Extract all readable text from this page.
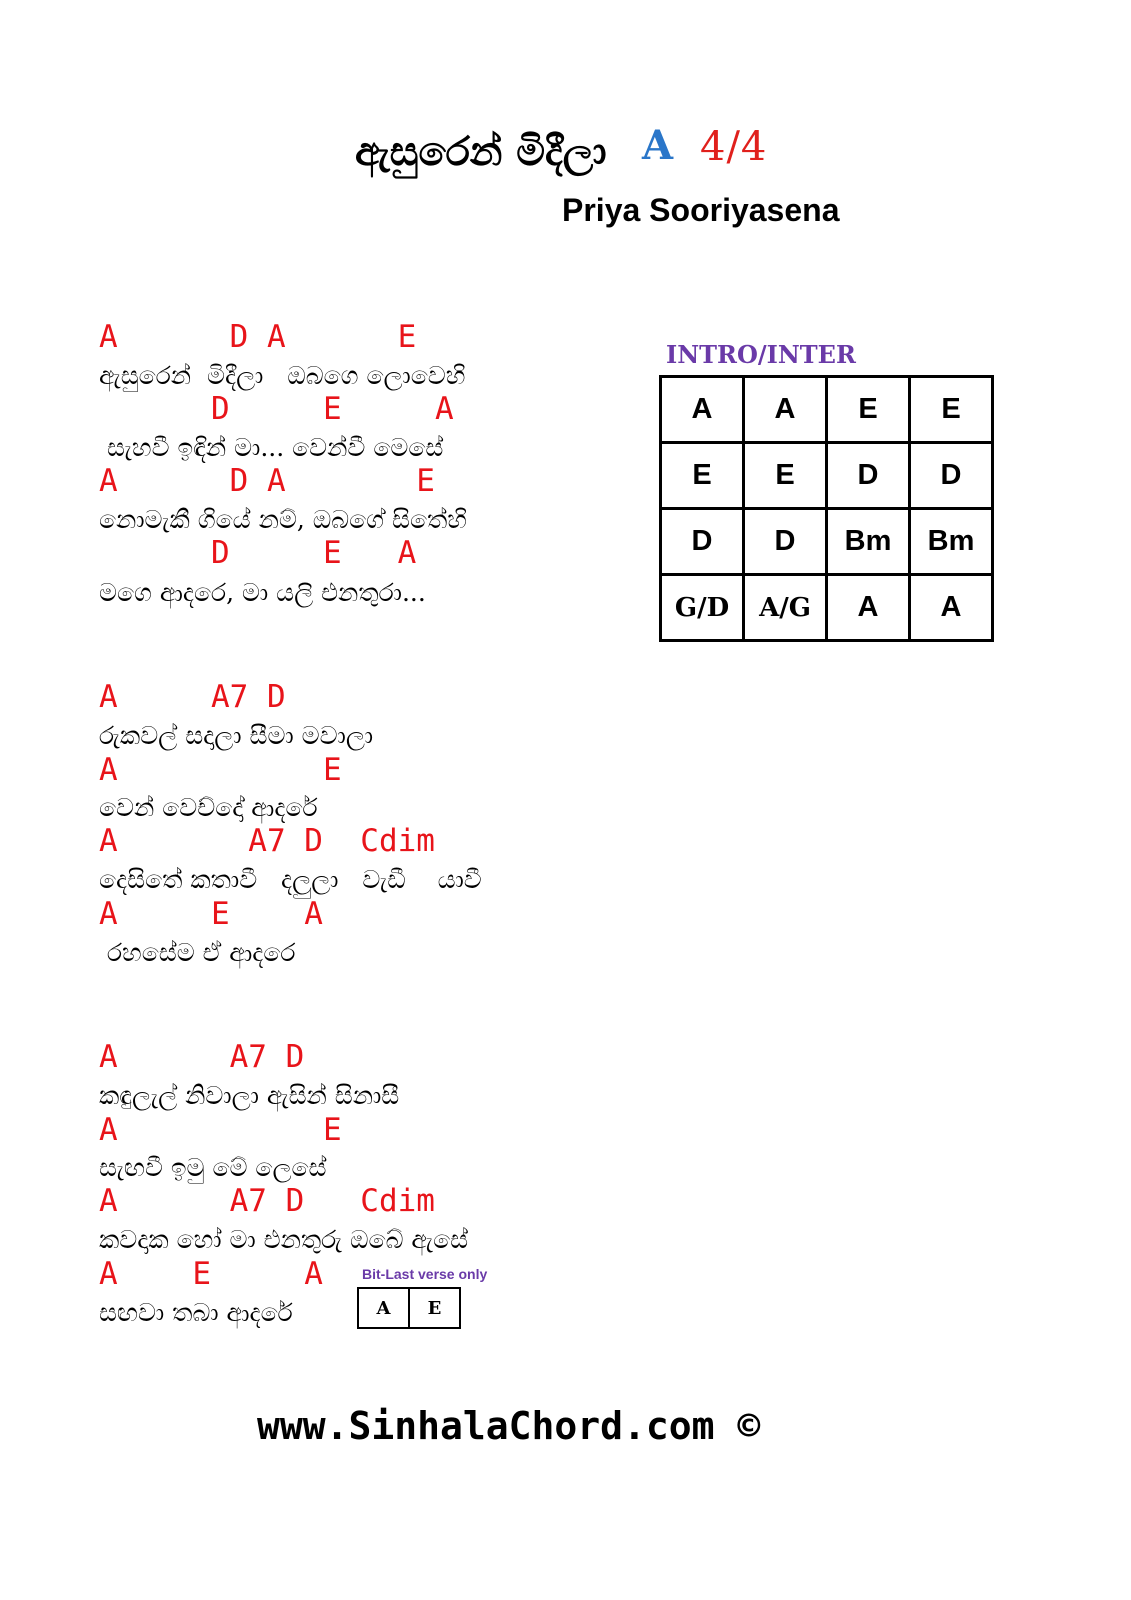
ඇසුරෙන් මිදීලා A 4/4
Priya Sooriyasena
A      D A      E
ඇසුරෙන්  මිදීලා   ඔබගෙ ලොවෙහි
D     E     A
සැහවී ඉඳින් මා... වෙන්වී මෙසේ
A      D A       E
නොමැකී ගියේ නම්, ඔබගේ සිතේහි
D     E   A
මගෙ ආදරෙ, මා යලි එනතුරා...
A     A7 D
රුකවල් සදාලා සීමා මවාලා
A           E
වෙන් වෙච්දෝ ආදරේ
A       A7 D  Cdim
දෙසිතේ කතාවී   දලුලා   වැඩී    යාවී
A     E    A
රහසේම ඒ ආදරෙ
A      A7 D
කඳුලැල් නිවාලා ඇසින් සිනාසී
A           E
සැඟවී ඉමු මේ ලෙසේ
A      A7 D   Cdim
කවදාක හෝ මා එනතුරු ඔබේ ඇසේ
A    E     A
සඟවා තබා ආදරේ
INTRO/INTER
A	A	E	E
E	E	D	D
D	D	Bm	Bm
G/D	A/G	A	A
Bit-Last verse only
A	E
www.SinhalaChord.com ©
